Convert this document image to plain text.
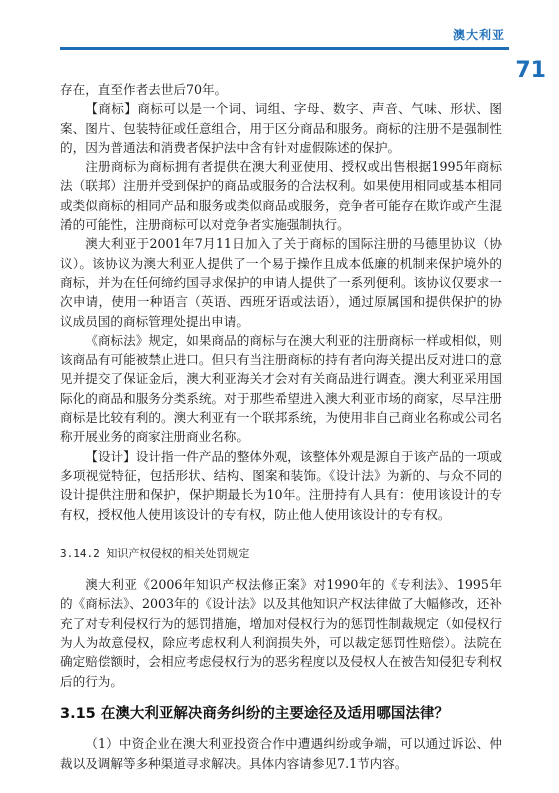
澳大利亚
71

存在，直至作者去世后70年。

【商标】商标可以是一个词、词组、字母、数字、声音、气味、形状、图案、图片、包装特征或任意组合，用于区分商品和服务。商标的注册不是强制性的，因为普通法和消费者保护法中含有针对虚假陈述的保护。

注册商标为商标拥有者提供在澳大利亚使用、授权或出售根据1995年商标法（联邦）注册并受到保护的商品或服务的合法权利。如果使用相同或基本相同或类似商标的相同产品和服务或类似商品或服务，竞争者可能存在欺诈或产生混淆的可能性，注册商标可以对竞争者实施强制执行。

澳大利亚于2001年7月11日加入了关于商标的国际注册的马德里协议（协议）。该协议为澳大利亚人提供了一个易于操作且成本低廉的机制来保护境外的商标，并为在任何缔约国寻求保护的申请人提供了一系列便利。该协议仅要求一次申请，使用一种语言（英语、西班牙语或法语），通过原属国和提供保护的协议成员国的商标管理处提出申请。

《商标法》规定，如果商品的商标与在澳大利亚的注册商标一样或相似，则该商品有可能被禁止进口。但只有当注册商标的持有者向海关提出反对进口的意见并提交了保证金后，澳大利亚海关才会对有关商品进行调查。澳大利亚采用国际化的商品和服务分类系统。对于那些希望进入澳大利亚市场的商家，尽早注册商标是比较有利的。澳大利亚有一个联邦系统，为使用非自己商业名称或公司名称开展业务的商家注册商业名称。

【设计】设计指一件产品的整体外观，该整体外观是源自于该产品的一项或多项视觉特征，包括形状、结构、图案和装饰。《设计法》为新的、与众不同的设计提供注册和保护，保护期最长为10年。注册持有人具有：使用该设计的专有权，授权他人使用该设计的专有权，防止他人使用该设计的专有权。

3.14.2 知识产权侵权的相关处罚规定

澳大利亚《2006年知识产权法修正案》对1990年的《专利法》、1995年的《商标法》、2003年的《设计法》以及其他知识产权法律做了大幅修改，还补充了对专利侵权行为的惩罚措施，增加对侵权行为的惩罚性制裁规定（如侵权行为人为故意侵权，除应考虑权利人利润损失外，可以裁定惩罚性赔偿）。法院在确定赔偿额时，会相应考虑侵权行为的恶劣程度以及侵权人在被告知侵犯专利权后的行为。

3.15 在澳大利亚解决商务纠纷的主要途径及适用哪国法律？

（1）中资企业在澳大利亚投资合作中遭遇纠纷或争端，可以通过诉讼、仲裁以及调解等多种渠道寻求解决。具体内容请参见7.1节内容。
